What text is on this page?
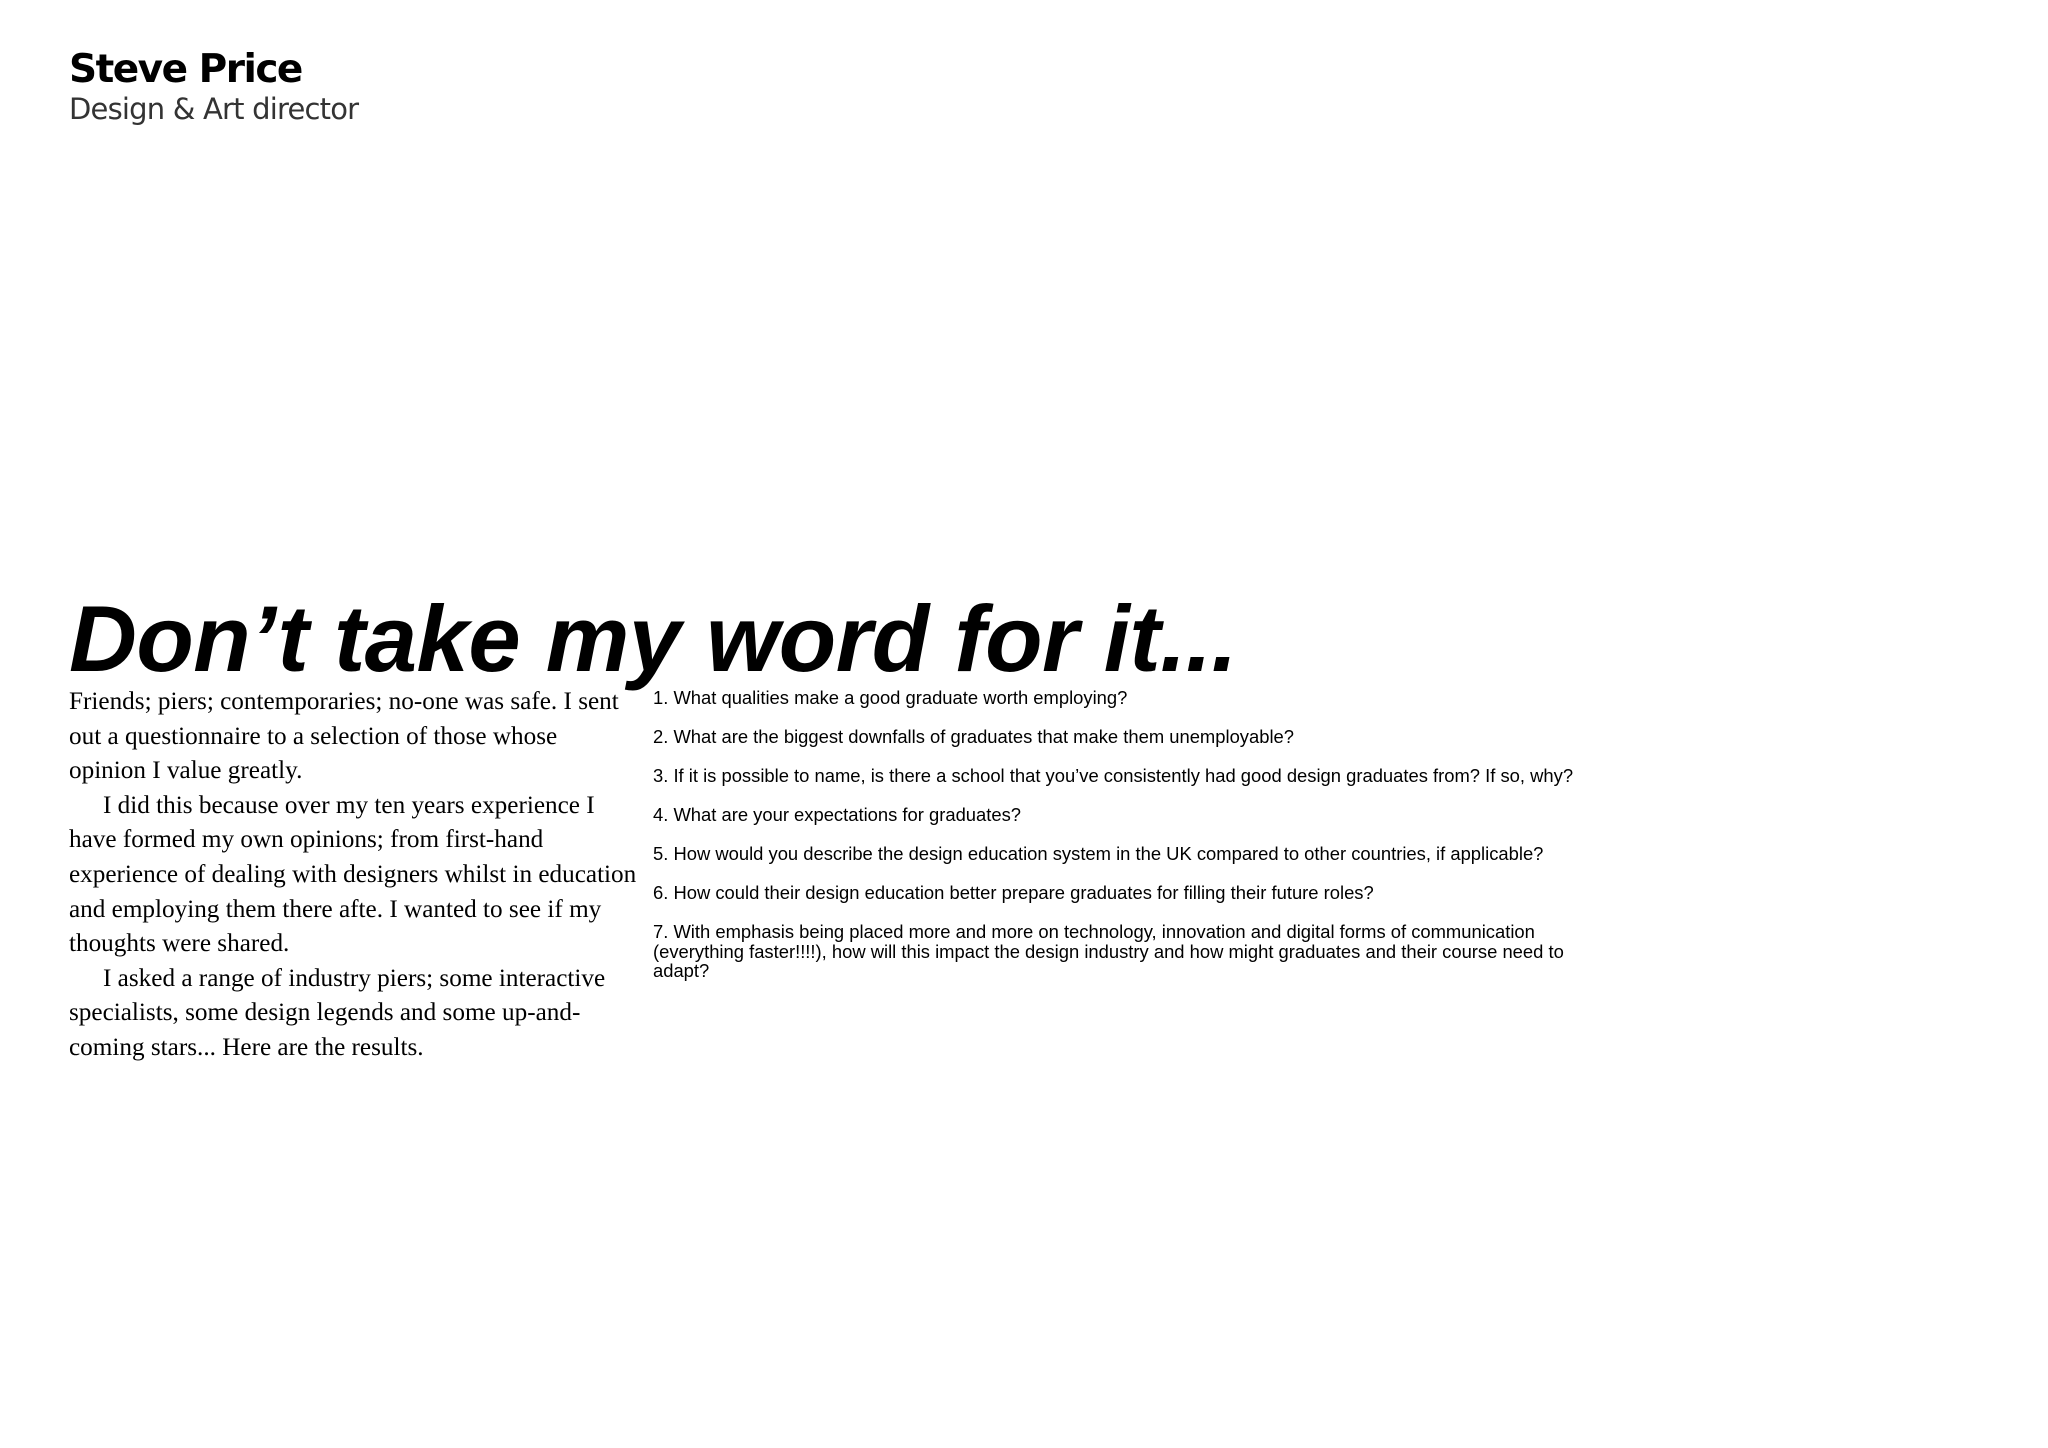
Steve Price

Design & Art director

Don’t take my word for it...

Friends; piers; contemporaries; no-one was safe. I sent out a questionnaire to a selection of those whose opinion I value greatly.

I did this because over my ten years experience I have formed my own opinions; from first-hand experience of dealing with designers whilst in education and employing them there afte. I wanted to see if my thoughts were shared.

I asked a range of industry piers; some interactive specialists, some design legends and some up-and-coming stars... Here are the results.

1. What qualities make a good graduate worth employing?
2. What are the biggest downfalls of graduates that make them unemployable?
3. If it is possible to name, is there a school that you’ve consistently had good design graduates from? If so, why?
4. What are your expectations for graduates?
5. How would you describe the design education system in the UK compared to other countries, if applicable?
6. How could their design education better prepare graduates for filling their future roles?
7. With emphasis being placed more and more on technology, innovation and digital forms of communication (everything faster!!!!), how will this impact the design industry and how might graduates and their course need to adapt?
